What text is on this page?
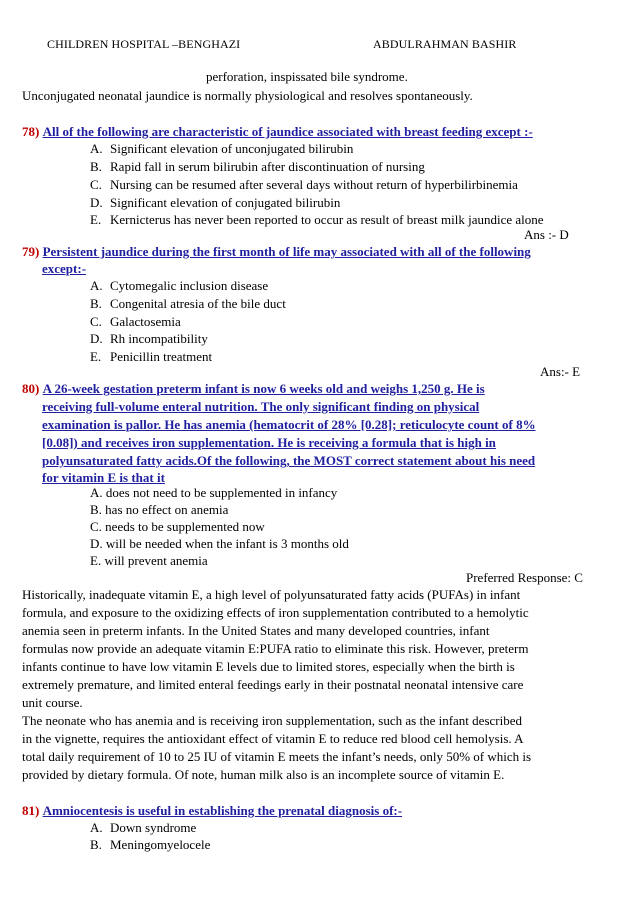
CHILDREN HOSPITAL –BENGHAZI	ABDULRAHMAN BASHIR
perforation, inspissated bile syndrome.
Unconjugated neonatal jaundice is normally physiological and resolves spontaneously.
78) All of the following are characteristic of jaundice associated with breast feeding except :-
A. Significant elevation of unconjugated bilirubin
B. Rapid fall in serum bilirubin after discontinuation of nursing
C. Nursing can be resumed after several days without return of hyperbilirbinemia
D. Significant elevation of conjugated bilirubin
E. Kernicterus has never been reported to occur as result of breast milk jaundice alone
Ans :- D
79) Persistent jaundice during the first month of life may associated with all of the following
except:-
A. Cytomegalic inclusion disease
B. Congenital atresia of the bile duct
C. Galactosemia
D. Rh incompatibility
E. Penicillin treatment
Ans:- E
80) A 26-week gestation preterm infant is now 6 weeks old and weighs 1,250 g. He is
receiving full-volume enteral nutrition. The only significant finding on physical
examination is pallor. He has anemia (hematocrit of 28% [0.28]; reticulocyte count of 8%
[0.08]) and receives iron supplementation. He is receiving a formula that is high in
polyunsaturated fatty acids.Of the following, the MOST correct statement about his need
for vitamin E is that it
A. does not need to be supplemented in infancy
B. has no effect on anemia
C. needs to be supplemented now
D. will be needed when the infant is 3 months old
E. will prevent anemia
Preferred Response: C
Historically, inadequate vitamin E, a high level of polyunsaturated fatty acids (PUFAs) in infant
formula, and exposure to the oxidizing effects of iron supplementation contributed to a hemolytic
anemia seen in preterm infants. In the United States and many developed countries, infant
formulas now provide an adequate vitamin E:PUFA ratio to eliminate this risk. However, preterm
infants continue to have low vitamin E levels due to limited stores, especially when the birth is
extremely premature, and limited enteral feedings early in their postnatal neonatal intensive care
unit course.
The neonate who has anemia and is receiving iron supplementation, such as the infant described
in the vignette, requires the antioxidant effect of vitamin E to reduce red blood cell hemolysis. A
total daily requirement of 10 to 25 IU of vitamin E meets the infant’s needs, only 50% of which is
provided by dietary formula. Of note, human milk also is an incomplete source of vitamin E.
81) Amniocentesis is useful in establishing the prenatal diagnosis of:-
A. Down syndrome
B. Meningomyelocele
